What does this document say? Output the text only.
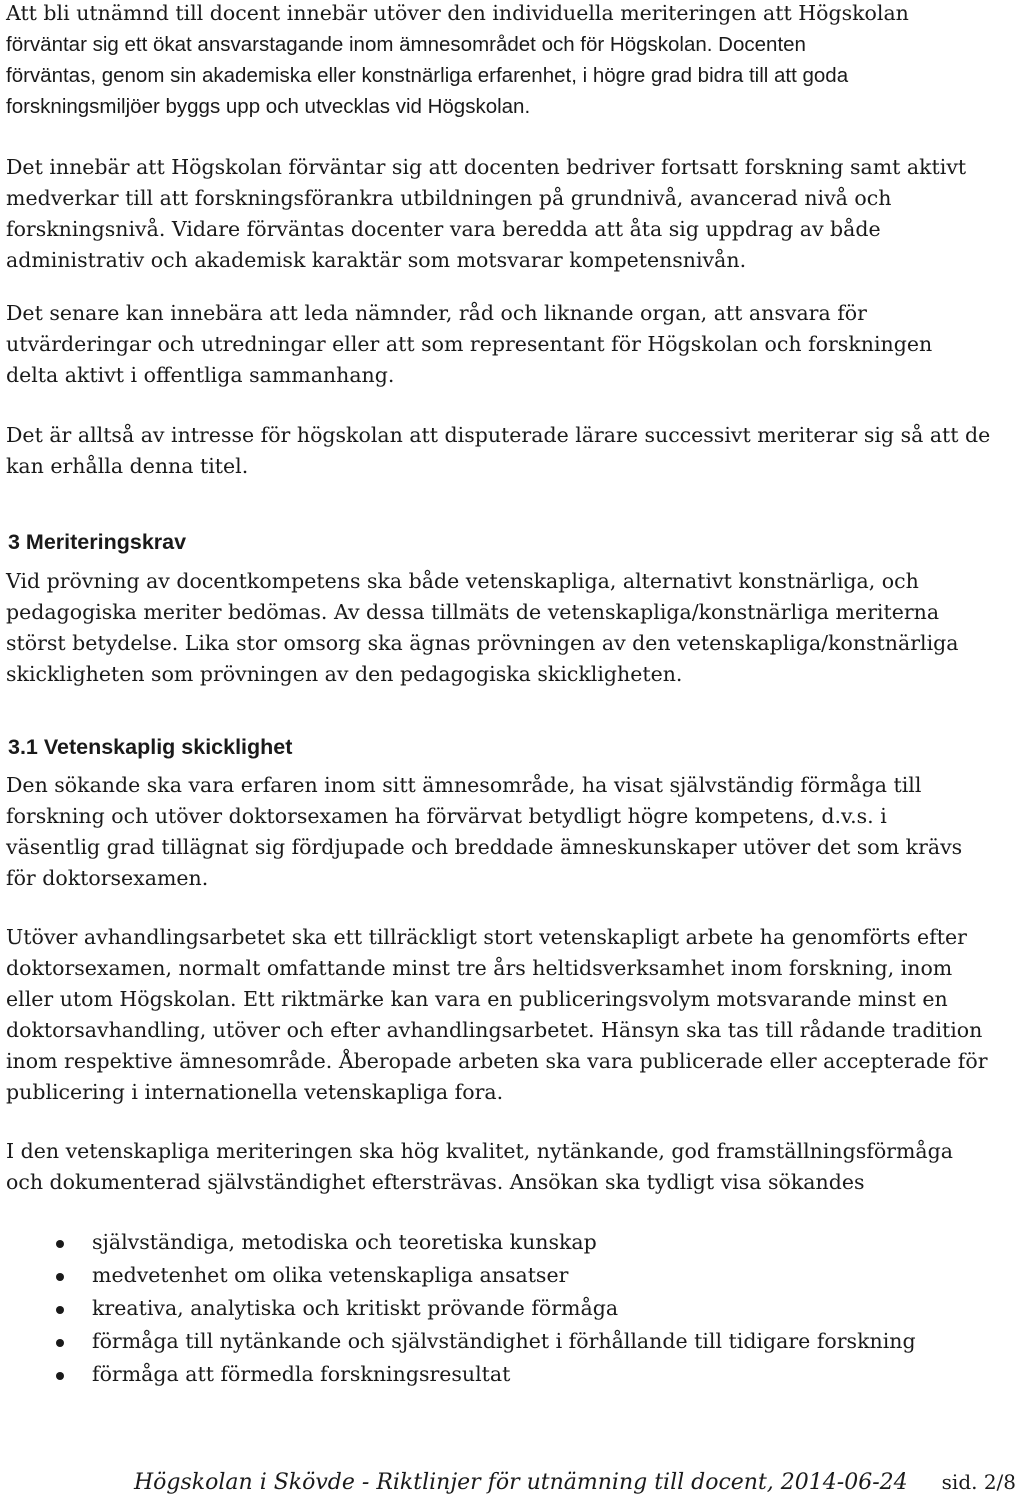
Att bli utnämnd till docent innebär utöver den individuella meriteringen att Högskolan
förväntar sig ett ökat ansvarstagande inom ämnesområdet och för Högskolan. Docenten
förväntas, genom sin akademiska eller konstnärliga erfarenhet, i högre grad bidra till att goda
forskningsmiljöer byggs upp och utvecklas vid Högskolan.

Det innebär att Högskolan förväntar sig att docenten bedriver fortsatt forskning samt aktivt
medverkar till att forskningsförankra utbildningen på grundnivå, avancerad nivå och
forskningsnivå. Vidare förväntas docenter vara beredda att åta sig uppdrag av både
administrativ och akademisk karaktär som motsvarar kompetensnivån.

Det senare kan innebära att leda nämnder, råd och liknande organ, att ansvara för
utvärderingar och utredningar eller att som representant för Högskolan och forskningen
delta aktivt i offentliga sammanhang.

Det är alltså av intresse för högskolan att disputerade lärare successivt meriterar sig så att de
kan erhålla denna titel.

3 Meriteringskrav

Vid prövning av docentkompetens ska både vetenskapliga, alternativt konstnärliga, och
pedagogiska meriter bedömas. Av dessa tillmäts de vetenskapliga/konstnärliga meriterna
störst betydelse. Lika stor omsorg ska ägnas prövningen av den vetenskapliga/konstnärliga
skickligheten som prövningen av den pedagogiska skickligheten.

3.1 Vetenskaplig skicklighet

Den sökande ska vara erfaren inom sitt ämnesområde, ha visat självständig förmåga till
forskning och utöver doktorsexamen ha förvärvat betydligt högre kompetens, d.v.s. i
väsentlig grad tillägnat sig fördjupade och breddade ämneskunskaper utöver det som krävs
för doktorsexamen.

Utöver avhandlingsarbetet ska ett tillräckligt stort vetenskapligt arbete ha genomförts efter
doktorsexamen, normalt omfattande minst tre års heltidsverksamhet inom forskning, inom
eller utom Högskolan. Ett riktmärke kan vara en publiceringsvolym motsvarande minst en
doktorsavhandling, utöver och efter avhandlingsarbetet. Hänsyn ska tas till rådande tradition
inom respektive ämnesområde. Åberopade arbeten ska vara publicerade eller accepterade för
publicering i internationella vetenskapliga fora.

I den vetenskapliga meriteringen ska hög kvalitet, nytänkande, god framställningsförmåga
och dokumenterad självständighet eftersträvas. Ansökan ska tydligt visa sökandes

självständiga, metodiska och teoretiska kunskap
medvetenhet om olika vetenskapliga ansatser
kreativa, analytiska och kritiskt prövande förmåga
förmåga till nytänkande och självständighet i förhållande till tidigare forskning
förmåga att förmedla forskningsresultat
Högskolan i Skövde - Riktlinjer för utnämning till docent, 2014-06-24 sid. 2/8
